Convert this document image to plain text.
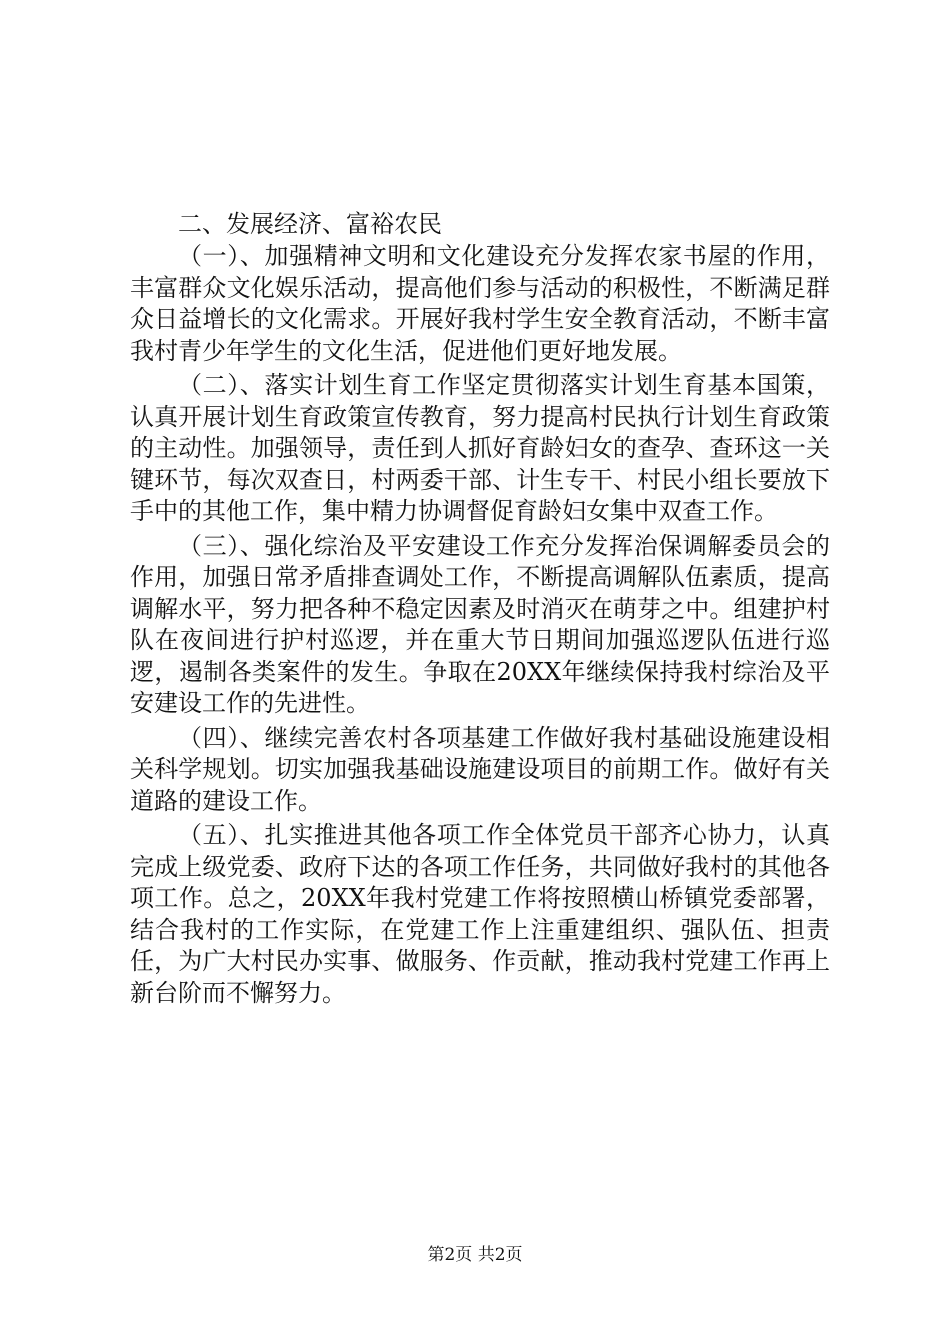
二、发展经济、富裕农民

（一）、加强精神文明和文化建设充分发挥农家书屋的作用，丰富群众文化娱乐活动，提高他们参与活动的积极性，不断满足群众日益增长的文化需求。开展好我村学生安全教育活动，不断丰富我村青少年学生的文化生活，促进他们更好地发展。

（二）、落实计划生育工作坚定贯彻落实计划生育基本国策，认真开展计划生育政策宣传教育，努力提高村民执行计划生育政策的主动性。加强领导，责任到人抓好育龄妇女的查孕、查环这一关键环节，每次双查日，村两委干部、计生专干、村民小组长要放下手中的其他工作，集中精力协调督促育龄妇女集中双查工作。

（三）、强化综治及平安建设工作充分发挥治保调解委员会的作用，加强日常矛盾排查调处工作，不断提高调解队伍素质，提高调解水平，努力把各种不稳定因素及时消灭在萌芽之中。组建护村队在夜间进行护村巡逻，并在重大节日期间加强巡逻队伍进行巡逻，遏制各类案件的发生。争取在20XX年继续保持我村综治及平安建设工作的先进性。

（四）、继续完善农村各项基建工作做好我村基础设施建设相关科学规划。切实加强我基础设施建设项目的前期工作。做好有关道路的建设工作。

（五）、扎实推进其他各项工作全体党员干部齐心协力，认真完成上级党委、政府下达的各项工作任务，共同做好我村的其他各项工作。总之，20XX年我村党建工作将按照横山桥镇党委部署，结合我村的工作实际，在党建工作上注重建组织、强队伍、担责任，为广大村民办实事、做服务、作贡献，推动我村党建工作再上新台阶而不懈努力。

第2页 共2页
